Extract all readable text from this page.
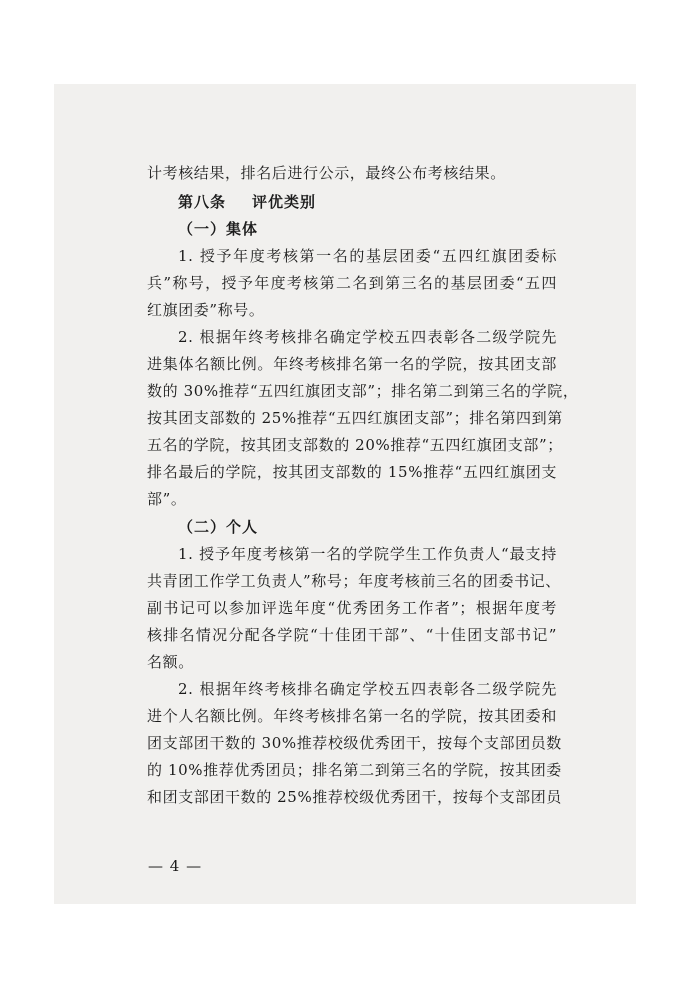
计考核结果，排名后进行公示，最终公布考核结果。
第八条 评优类别
（一）集体
1. 授予年度考核第一名的基层团委“五四红旗团委标
兵”称号，授予年度考核第二名到第三名的基层团委“五四
红旗团委”称号。
2. 根据年终考核排名确定学校五四表彰各二级学院先
进集体名额比例。年终考核排名第一名的学院，按其团支部
数的 30%推荐“五四红旗团支部”；排名第二到第三名的学院，
按其团支部数的 25%推荐“五四红旗团支部”；排名第四到第
五名的学院，按其团支部数的 20%推荐“五四红旗团支部”；
排名最后的学院，按其团支部数的 15%推荐“五四红旗团支
部”。
（二）个人
1. 授予年度考核第一名的学院学生工作负责人“最支持
共青团工作学工负责人”称号；年度考核前三名的团委书记、
副书记可以参加评选年度“优秀团务工作者”；根据年度考
核排名情况分配各学院“十佳团干部”、“十佳团支部书记”
名额。
2. 根据年终考核排名确定学校五四表彰各二级学院先
进个人名额比例。年终考核排名第一名的学院，按其团委和
团支部团干数的 30%推荐校级优秀团干，按每个支部团员数
的 10%推荐优秀团员；排名第二到第三名的学院，按其团委
和团支部团干数的 25%推荐校级优秀团干，按每个支部团员
— 4 —
